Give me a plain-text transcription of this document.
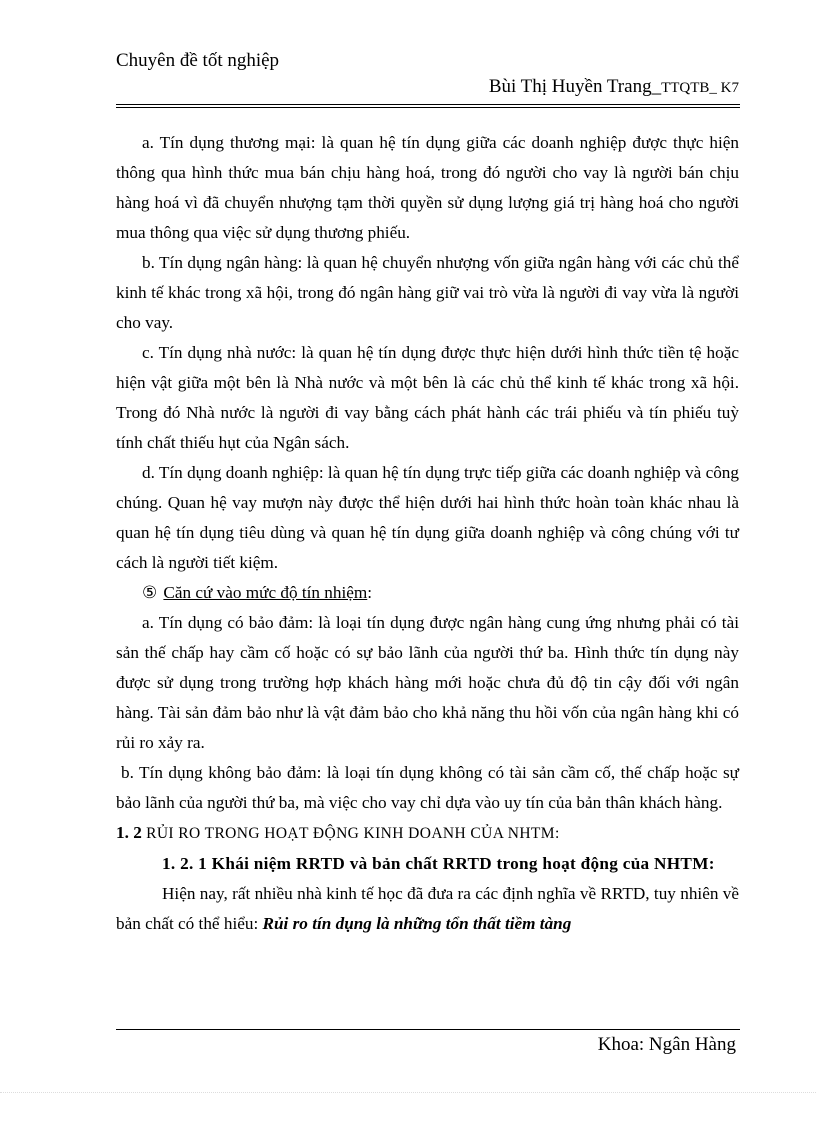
Chuyên đề tốt nghiệp
Bùi Thị Huyền Trang_TTQTB_ K7

a. Tín dụng thương mại: là quan hệ tín dụng giữa các doanh nghiệp được thực hiện thông qua hình thức mua bán chịu hàng hoá, trong đó người cho vay là người bán chịu hàng hoá vì đã chuyển nhượng tạm thời quyền sử dụng lượng giá trị hàng hoá cho người mua thông qua việc sử dụng thương phiếu.

b. Tín dụng ngân hàng: là quan hệ chuyển nhượng vốn giữa ngân hàng với các chủ thể kinh tế khác trong xã hội, trong đó ngân hàng giữ vai trò vừa là người đi vay vừa là người cho vay.

c. Tín dụng nhà nước: là quan hệ tín dụng được thực hiện dưới hình thức tiền tệ hoặc hiện vật giữa một bên là Nhà nước và một bên là các chủ thể kinh tế khác trong xã hội. Trong đó Nhà nước là người đi vay bằng cách phát hành các trái phiếu và tín phiếu tuỳ tính chất thiếu hụt của Ngân sách.

d. Tín dụng doanh nghiệp: là quan hệ tín dụng trực tiếp giữa các doanh nghiệp và công chúng. Quan hệ vay mượn này được thể hiện dưới hai hình thức hoàn toàn khác nhau là quan hệ tín dụng tiêu dùng và quan hệ tín dụng giữa doanh nghiệp và công chúng với tư cách là người tiết kiệm.

⑤ Căn cứ vào mức độ tín nhiệm:

a. Tín dụng có bảo đảm: là loại tín dụng được ngân hàng cung ứng nhưng phải có tài sản thế chấp hay cầm cố hoặc có sự bảo lãnh của người thứ ba. Hình thức tín dụng này được sử dụng trong trường hợp khách hàng mới hoặc chưa đủ độ tin cậy đối với ngân hàng. Tài sản đảm bảo như là vật đảm bảo cho khả năng thu hồi vốn của ngân hàng khi có rủi ro xảy ra.

b. Tín dụng không bảo đảm: là loại tín dụng không có tài sản cầm cố, thế chấp hoặc sự bảo lãnh của người thứ ba, mà việc cho vay chỉ dựa vào uy tín của bản thân khách hàng.

1. 2 RỦI RO TRONG HOẠT ĐỘNG KINH DOANH CỦA NHTM:

1. 2. 1 Khái niệm RRTD và bản chất RRTD trong hoạt động của NHTM:

Hiện nay, rất nhiều nhà kinh tế học đã đưa ra các định nghĩa về RRTD, tuy nhiên về bản chất có thể hiểu: Rủi ro tín dụng là những tổn thất tiềm tàng

Khoa: Ngân Hàng
